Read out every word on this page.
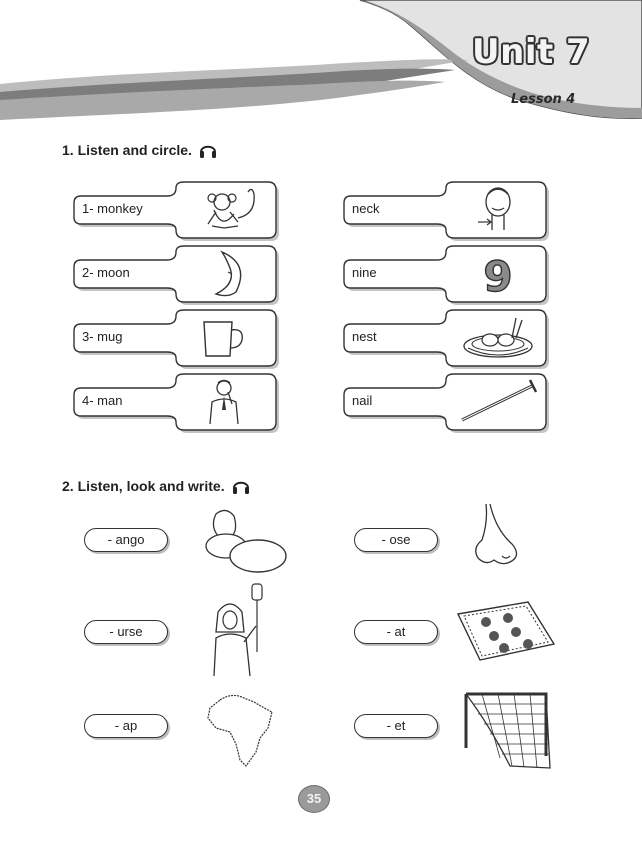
Unit 7
Lesson 4
1. Listen and circle.
1- monkey
2- moon
3- mug
4- man
neck
nine	9
nest
nail
2. Listen, look and write.
- ango
- urse
- ap
- ose
- at
- et
35
